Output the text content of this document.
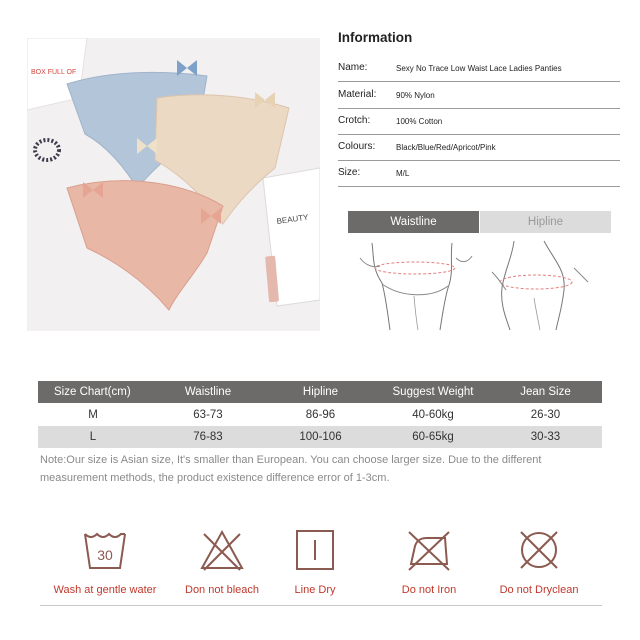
BOX FULL OF
BEAUTY
Information
Name:	Sexy No Trace Low Waist Lace Ladies Panties
Material: 90% Nylon
Crotch:	100% Cotton
Colours:	Black/Blue/Red/Apricot/Pink
Size:	M/L
Waistline	Hipline
Size Chart(cm)	Waistline	Hipline	Suggest Weight	Jean Size
M	63-73	86-96	40-60kg	26-30
L	76-83	100-106	60-65kg	30-33
Note:Our size is Asian size, It's smaller than European. You can choose larger size. Due to the different measurement methods, the product existence difference error of 1-3cm.
30
Wash at gentle water	Don not bleach	Line Dry	Do not Iron	Do not Dryclean
